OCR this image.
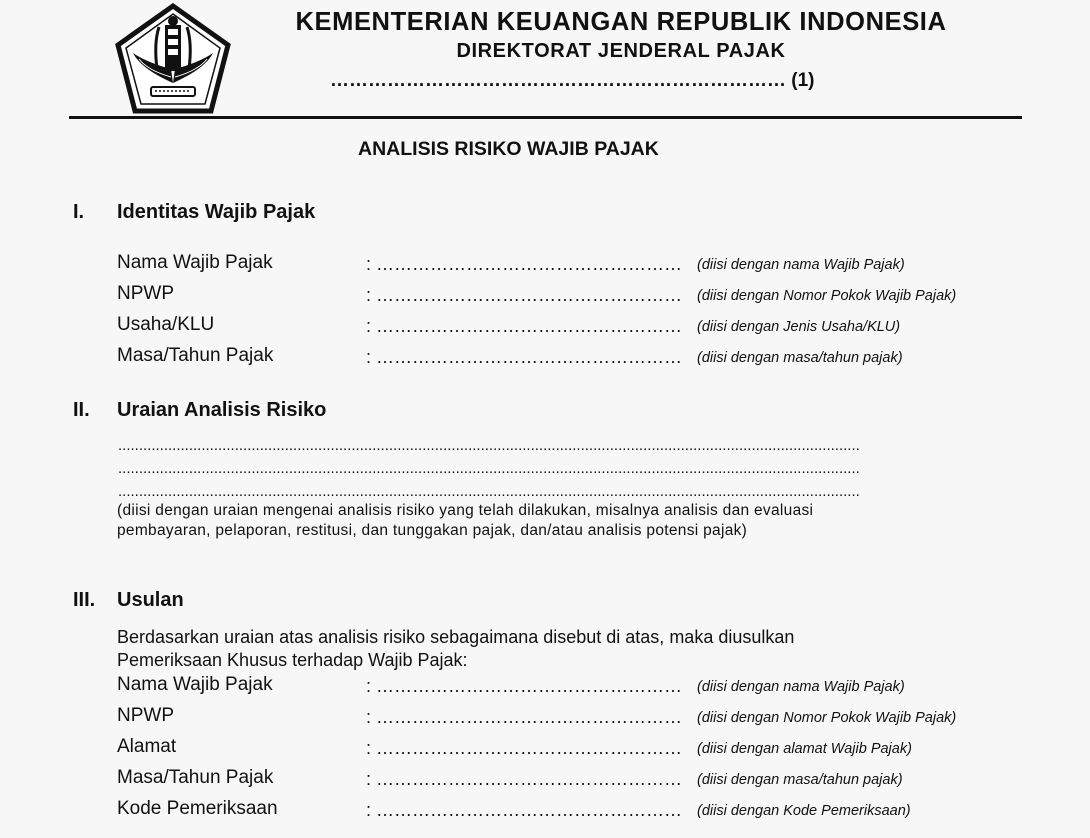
KEMENTERIAN KEUANGAN REPUBLIK INDONESIA
DIREKTORAT JENDERAL PAJAK
……………………………………………………………… (1)
ANALISIS RISIKO WAJIB PAJAK
I. Identitas Wajib Pajak
Nama Wajib Pajak	: …………………………………………… (diisi dengan nama Wajib Pajak)
NPWP	: …………………………………………… (diisi dengan Nomor Pokok Wajib Pajak)
Usaha/KLU	: …………………………………………… (diisi dengan Jenis Usaha/KLU)
Masa/Tahun Pajak	: …………………………………………… (diisi dengan masa/tahun pajak)
II. Uraian Analisis Risiko
..................................................................................................................................................................................
..................................................................................................................................................................................
..................................................................................................................................................................................
(diisi dengan uraian mengenai analisis risiko yang telah dilakukan, misalnya analisis dan evaluasi
pembayaran, pelaporan, restitusi, dan tunggakan pajak, dan/atau analisis potensi pajak)
III. Usulan
Berdasarkan uraian atas analisis risiko sebagaimana disebut di atas, maka diusulkan
Pemeriksaan Khusus terhadap Wajib Pajak:
Nama Wajib Pajak	: …………………………………………… (diisi dengan nama Wajib Pajak)
NPWP	: …………………………………………… (diisi dengan Nomor Pokok Wajib Pajak)
Alamat	: …………………………………………… (diisi dengan alamat Wajib Pajak)
Masa/Tahun Pajak	: …………………………………………… (diisi dengan masa/tahun pajak)
Kode Pemeriksaan	: …………………………………………… (diisi dengan Kode Pemeriksaan)
